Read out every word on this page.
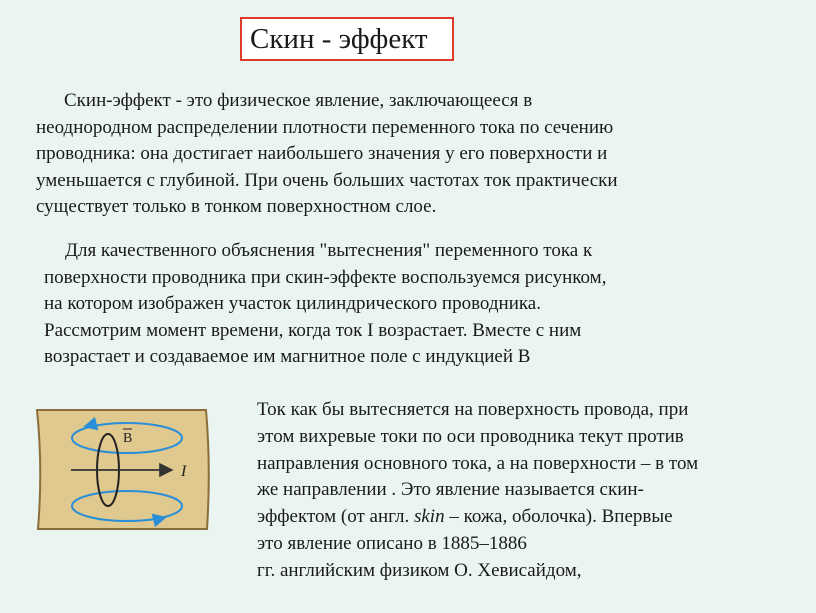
Скин - эффект

Скин-эффект - это физическое явление, заключающееся в
неоднородном распределении плотности переменного тока по сечению
проводника: она достигает наибольшего значения у его поверхности и
уменьшается с глубиной. При очень больших частотах ток практически
существует только в тонком поверхностном слое.

Для качественного объяснения "вытеснения" переменного тока к
поверхности проводника при скин-эффекте воспользуемся рисунком,
на котором изображен участок цилиндрического проводника.
Рассмотрим момент времени, когда ток I возрастает. Вместе с ним
возрастает и создаваемое им магнитное поле с индукцией В

B
I

Ток как бы вытесняется на поверхность провода, при
этом вихревые токи по оси проводника текут против
направления основного тока, а на поверхности – в том
же направлении . Это явление называется скин-
эффектом (от англ. skin – кожа, оболочка). Впервые
это явление описано в 1885–1886
гг. английским физиком О. Хевисайдом,
